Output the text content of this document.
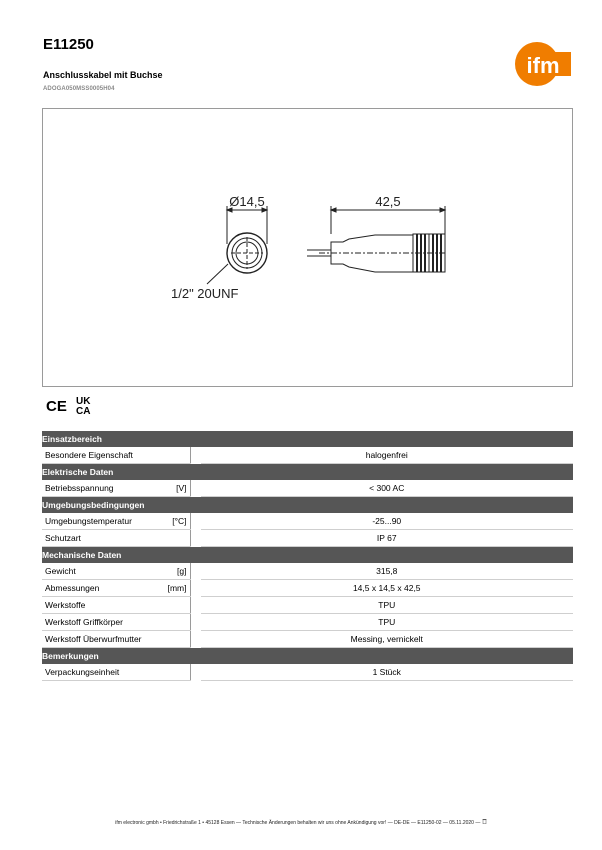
E11250
Anschlusskabel mit Buchse
ADOGA050MSS0005H04
ifm
Ø14,5	42,5
1/2" 20UNF
CE UK
CA
Einsatzbereich			
Besondere Eigenschaft			halogenfrei
Elektrische Daten			
Betriebsspannung	[V]		< 300 AC
Umgebungsbedingungen			
Umgebungstemperatur	[°C]		-25...90
Schutzart			IP 67
Mechanische Daten			
Gewicht	[g]		315,8
Abmessungen	[mm]		14,5 x 14,5 x 42,5
Werkstoffe			TPU
Werkstoff Griffkörper			TPU
Werkstoff Überwurfmutter			Messing, vernickelt
Bemerkungen			
Verpackungseinheit			1 Stück
ifm electronic gmbh • Friedrichstraße 1 • 45128 Essen — Technische Änderungen behalten wir uns ohne Ankündigung vor! — DE-DE — E11250-02 — 05.11.2020 —
